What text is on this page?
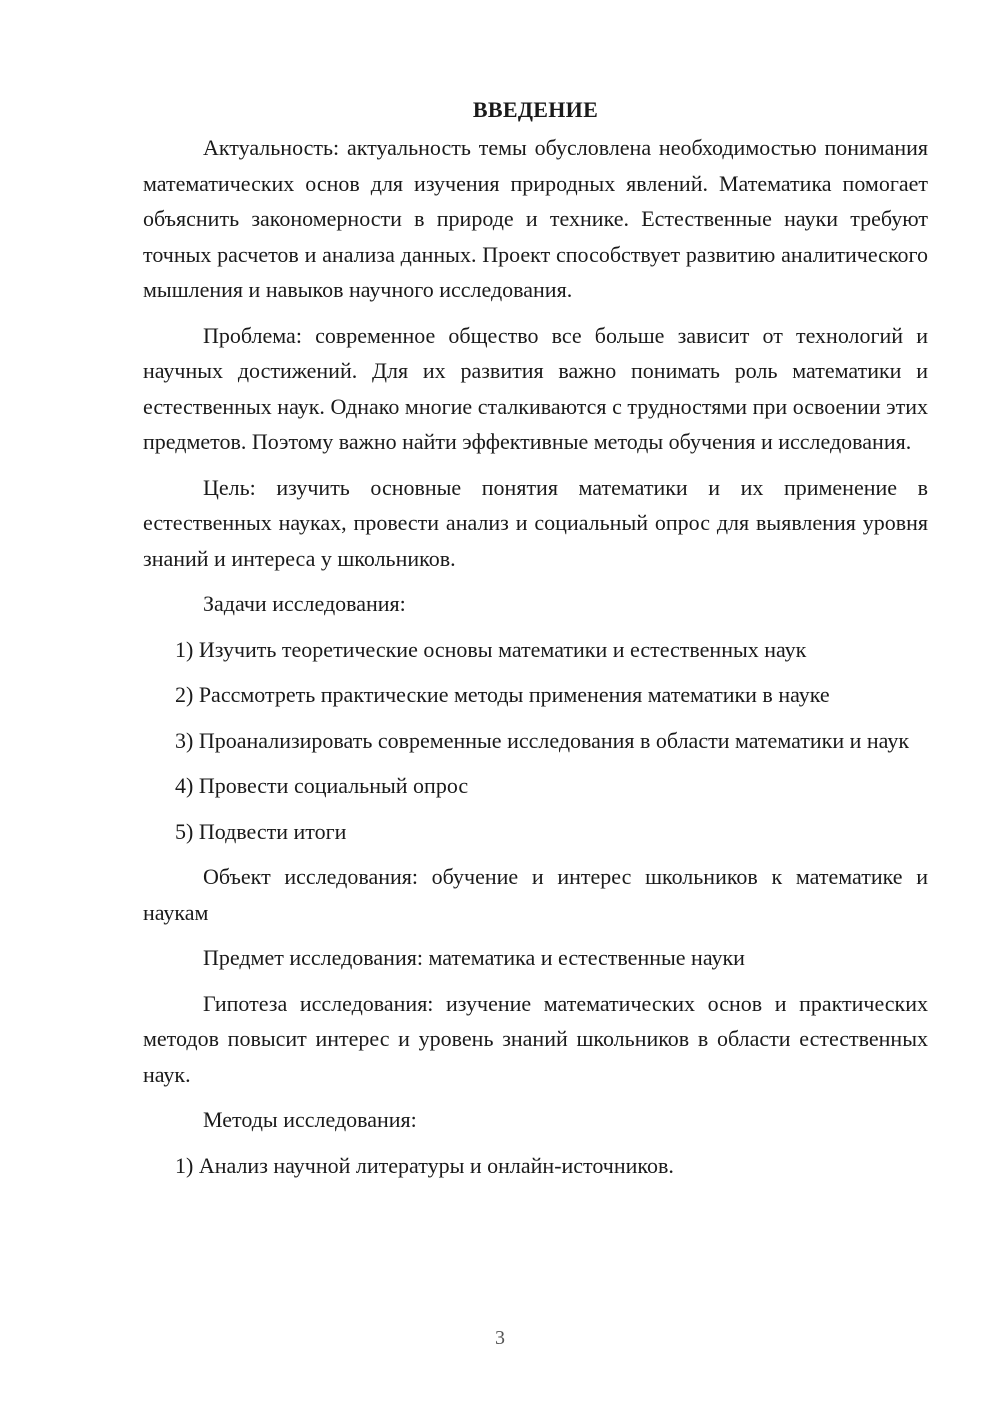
ВВЕДЕНИЕ

Актуальность: актуальность темы обусловлена необходимостью понимания математических основ для изучения природных явлений. Математика помогает объяснить закономерности в природе и технике. Естественные науки требуют точных расчетов и анализа данных. Проект способствует развитию аналитического мышления и навыков научного исследования.

Проблема: современное общество все больше зависит от технологий и научных достижений. Для их развития важно понимать роль математики и естественных наук. Однако многие сталкиваются с трудностями при освоении этих предметов. Поэтому важно найти эффективные методы обучения и исследования.

Цель: изучить основные понятия математики и их применение в естественных науках, провести анализ и социальный опрос для выявления уровня знаний и интереса у школьников.

Задачи исследования:

1) Изучить теоретические основы математики и естественных наук

2) Рассмотреть практические методы применения математики в науке

3) Проанализировать современные исследования в области математики и наук

4) Провести социальный опрос

5) Подвести итоги

Объект исследования: обучение и интерес школьников к математике и наукам

Предмет исследования: математика и естественные науки

Гипотеза исследования: изучение математических основ и практических методов повысит интерес и уровень знаний школьников в области естественных наук.

Методы исследования:

1) Анализ научной литературы и онлайн-источников.

3
